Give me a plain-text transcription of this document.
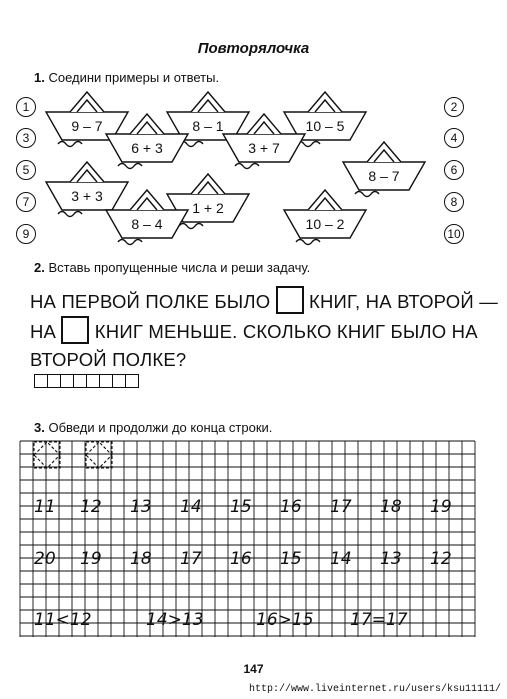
Повторялочка
1. Соедини примеры и ответы.
1
3
5
7
9
2
4
6
8
10
9 – 7	8 – 1	10 – 5
6 + 3	3 + 7
8 – 7
3 + 3
1 + 2
8 – 4	10 – 2
2. Вставь пропущенные числа и реши задачу.
НА ПЕРВОЙ ПОЛКЕ БЫЛО КНИГ, НА ВТОРОЙ —
НА КНИГ МЕНЬШЕ. СКОЛЬКО КНИГ БЫЛО НА
ВТОРОЙ ПОЛКЕ?
3. Обведи и продолжи до конца строки.
11 12 13 14 15 16 17 18 19
20 19 18 17 16 15 14 13 12
11<12	14>13	16>15 17=17
147
http://www.liveinternet.ru/users/ksu11111/
